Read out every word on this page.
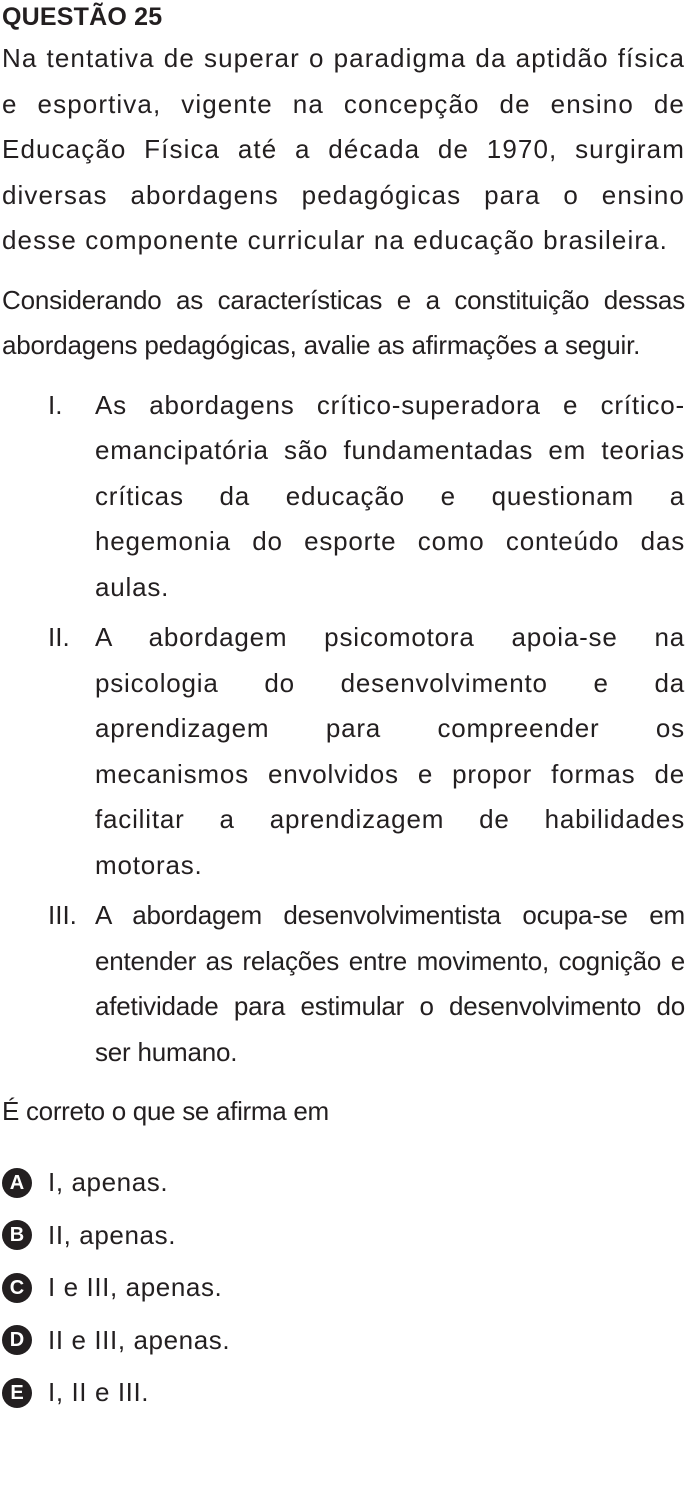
QUESTÃO 25

Na tentativa de superar o paradigma da aptidão física e esportiva, vigente na concepção de ensino de Educação Física até a década de 1970, surgiram diversas abordagens pedagógicas para o ensino desse componente curricular na educação brasileira.

Considerando as características e a constituição dessas abordagens pedagógicas, avalie as afirmações a seguir.

I.	As abordagens crítico-superadora e crítico-emancipatória são fundamentadas em teorias críticas da educação e questionam a hegemonia do esporte como conteúdo das aulas.
II. A abordagem psicomotora apoia-se na psicologia do desenvolvimento e da aprendizagem para compreender os mecanismos envolvidos e propor formas de facilitar a aprendizagem de habilidades motoras.
III. A abordagem desenvolvimentista ocupa-se em entender as relações entre movimento, cognição e afetividade para estimular o desenvolvimento do ser humano.

É correto o que se afirma em

A I, apenas.
B II, apenas.
C I e III, apenas.
D II e III, apenas.
E I, II e III.
